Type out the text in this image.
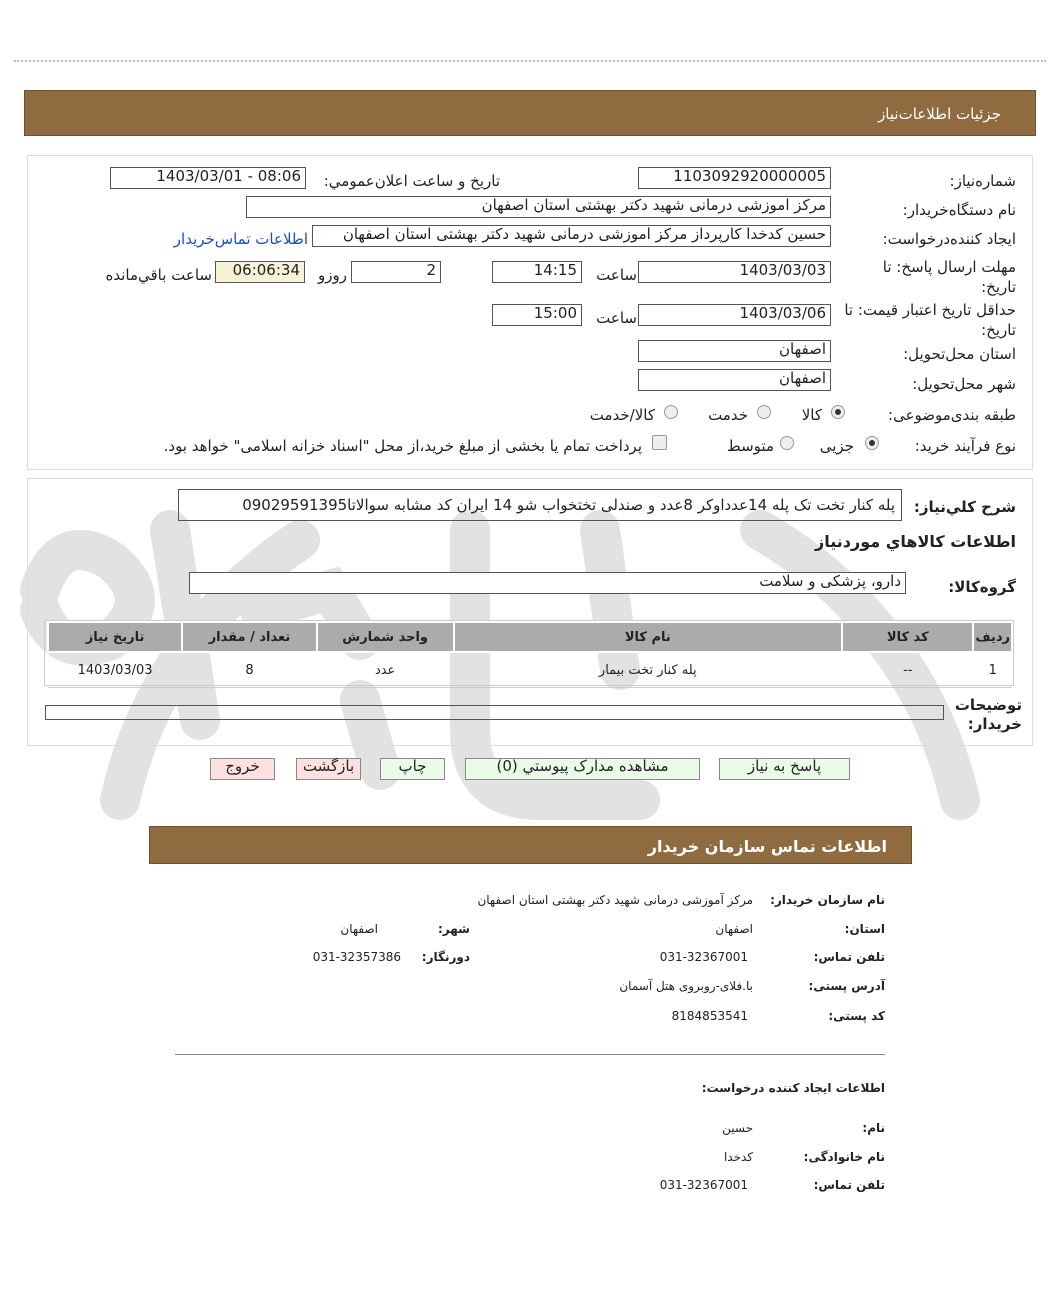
جزئيات اطلاعات‌نياز
شماره‌نياز:
1103092920000005
تاريخ و ساعت اعلان‌عمومي:
1403/03/01 - 08:06
نام دستگاه‌خريدار:
مرکز اموزشی درمانی شهید دکتر بهشتی استان اصفهان
ايجاد کننده‌درخواست:
حسین کدخدا کارپرداز مرکز اموزشی درمانی شهید دکتر بهشتی استان اصفهان
اطلاعات تماس‌خريدار
مهلت ارسال پاسخ: تا تاريخ:
1403/03/03
ساعت
14:15
2
روزو
06:06:34
ساعت باقي‌مانده
حداقل تاريخ اعتبار قيمت: تا تاريخ:
1403/03/06
ساعت
15:00
استان محل‌تحويل:
اصفهان
شهر محل‌تحويل:
اصفهان
طبقه بندی‌موضوعی:
کالا
خدمت
کالا/خدمت
نوع فرآيند خريد:
جزیی
متوسط
پرداخت تمام يا بخشی از مبلغ خريد،از محل "اسناد خزانه اسلامی" خواهد بود.
شرح کلي‌نياز:
پله کنار تخت تک پله 14عدداوکر 8عدد و صندلی تختخواب شو 14 ایران کد مشابه سوالاتا09029591395
اطلاعات کالاهاي موردنياز
گروه‌کالا:
دارو، پزشکی و سلامت
رديف	کد کالا	نام کالا	واحد شمارش	تعداد / مقدار	تاريخ نياز
1	--	پله کنار تخت بیمار	عدد	8	1403/03/03
توضيحات خريدار:
پاسخ به نياز
مشاهده مدارک پيوستي (0)
چاپ
بازگشت
خروج
اطلاعات تماس سازمان خريدار
نام سازمان خريدار:
مرکز آموزشی درمانی شهید دکتر بهشتی استان اصفهان
استان:
اصفهان
شهر:
اصفهان
تلفن تماس:
031-32367001
دورنگار:
031-32357386
آدرس پستی:
با.فلای-روبروی هتل آسمان
کد پستی:
8184853541
اطلاعات ايجاد کننده درخواست:
نام:
حسین
نام خانوادگی:
کدخدا
تلفن تماس:
031-32367001
